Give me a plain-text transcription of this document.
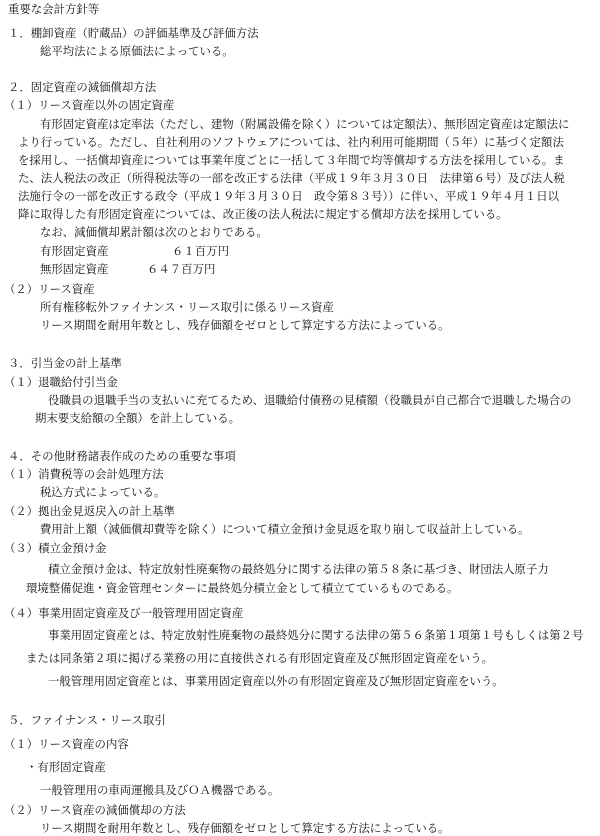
重要な会計方針等
１．棚卸資産（貯蔵品）の評価基準及び評価方法
総平均法による原価法によっている。
２．固定資産の減価償却方法
（１）リース資産以外の固定資産
有形固定資産は定率法（ただし、建物（附属設備を除く）については定額法）、無形固定資産は定額法に
より行っている。ただし、自社利用のソフトウェアについては、社内利用可能期間（５年）に基づく定額法
を採用し、一括償却資産については事業年度ごとに一括して３年間で均等償却する方法を採用している。ま
た、法人税法の改正（所得税法等の一部を改正する法律（平成１９年３月３０日　法律第６号）及び法人税
法施行令の一部を改正する政令（平成１９年３月３０日　政令第８３号））に伴い、平成１９年４月１日以
降に取得した有形固定資産については、改正後の法人税法に規定する償却方法を採用している。
なお、減価償却累計額は次のとおりである。
有形固定資産	６１百万円
無形固定資産	６４７百万円
（２）リース資産
所有権移転外ファイナンス・リース取引に係るリース資産
リース期間を耐用年数とし、残存価額をゼロとして算定する方法によっている。
３．引当金の計上基準
（１）退職給付引当金
役職員の退職手当の支払いに充てるため、退職給付債務の見積額（役職員が自己都合で退職した場合の
期末要支給額の全額）を計上している。
４．その他財務諸表作成のための重要な事項
（１）消費税等の会計処理方法
税込方式によっている。
（２）拠出金見返戻入の計上基準
費用計上額（減価償却費等を除く）について積立金預け金見返を取り崩して収益計上している。
（３）積立金預け金
積立金預け金は、特定放射性廃棄物の最終処分に関する法律の第５８条に基づき、財団法人原子力
環境整備促進・資金管理センターに最終処分積立金として積立てているものである。
（４）事業用固定資産及び一般管理用固定資産
事業用固定資産とは、特定放射性廃棄物の最終処分に関する法律の第５６条第１項第１号もしくは第２号
または同条第２項に掲げる業務の用に直接供される有形固定資産及び無形固定資産をいう。
一般管理用固定資産とは、事業用固定資産以外の有形固定資産及び無形固定資産をいう。
５．ファイナンス・リース取引
（１）リース資産の内容
・有形固定資産
一般管理用の車両運搬具及びＯＡ機器である。
（２）リース資産の減価償却の方法
リース期間を耐用年数とし、残存価額をゼロとして算定する方法によっている。
